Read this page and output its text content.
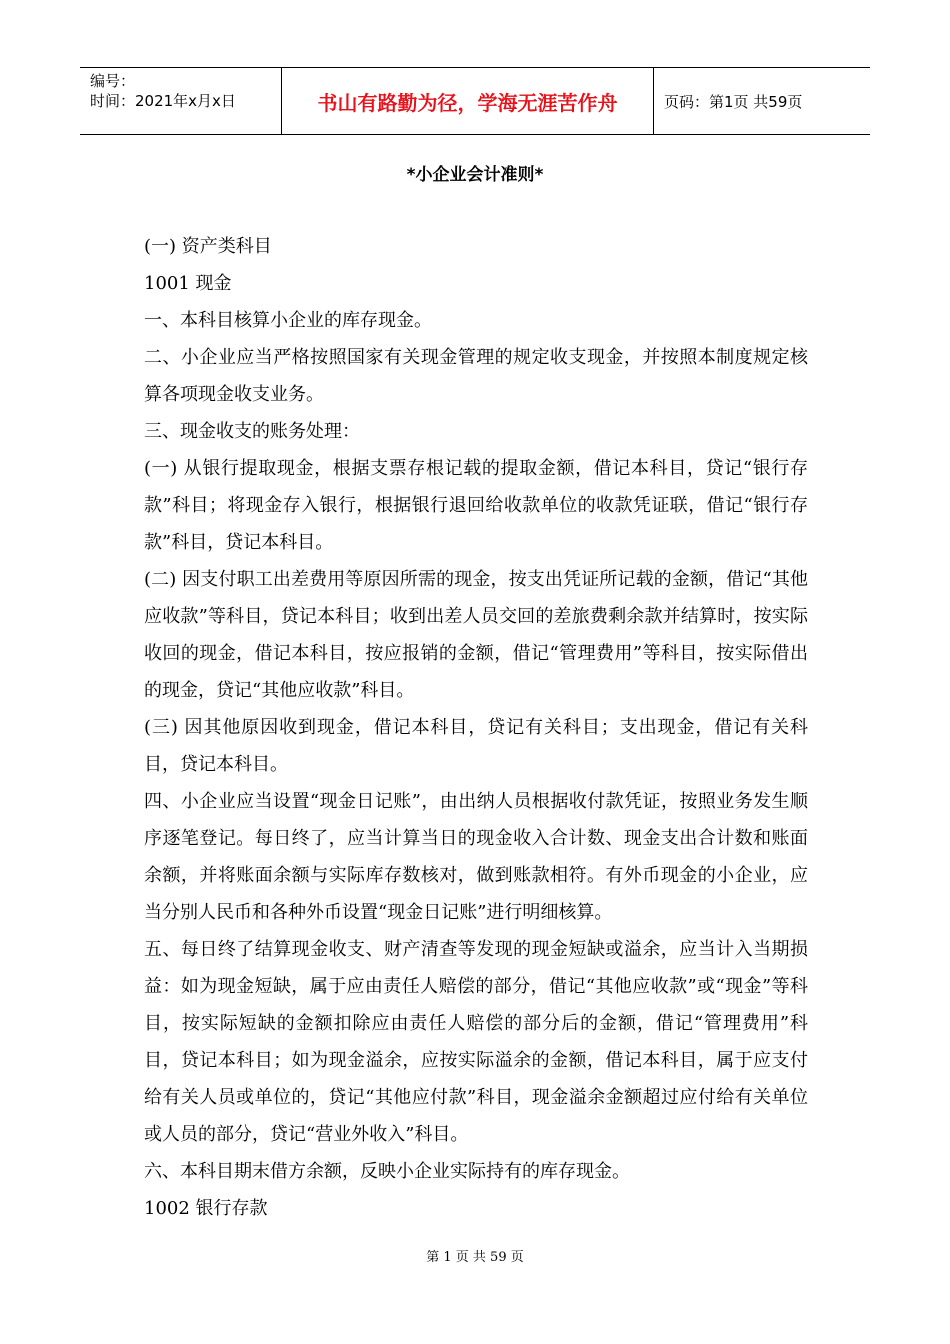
编号：
时间：2021年x月x日	书山有路勤为径，学海无涯苦作舟	页码：第1页 共59页
*小企业会计准则*

(一) 资产类科目

1001 现金

一、本科目核算小企业的库存现金。

二、小企业应当严格按照国家有关现金管理的规定收支现金，并按照本制度规定核算各项现金收支业务。

三、现金收支的账务处理：

(一) 从银行提取现金，根据支票存根记载的提取金额，借记本科目，贷记“银行存款”科目；将现金存入银行，根据银行退回给收款单位的收款凭证联，借记“银行存款”科目，贷记本科目。

(二) 因支付职工出差费用等原因所需的现金，按支出凭证所记载的金额，借记“其他应收款”等科目，贷记本科目；收到出差人员交回的差旅费剩余款并结算时，按实际收回的现金，借记本科目，按应报销的金额，借记“管理费用”等科目，按实际借出的现金，贷记“其他应收款”科目。

(三) 因其他原因收到现金，借记本科目，贷记有关科目；支出现金，借记有关科目，贷记本科目。

四、小企业应当设置“现金日记账”，由出纳人员根据收付款凭证，按照业务发生顺序逐笔登记。每日终了，应当计算当日的现金收入合计数、现金支出合计数和账面余额，并将账面余额与实际库存数核对，做到账款相符。有外币现金的小企业，应当分别人民币和各种外币设置“现金日记账”进行明细核算。

五、每日终了结算现金收支、财产清查等发现的现金短缺或溢余，应当计入当期损益：如为现金短缺，属于应由责任人赔偿的部分，借记“其他应收款”或“现金”等科目，按实际短缺的金额扣除应由责任人赔偿的部分后的金额，借记“管理费用”科目，贷记本科目；如为现金溢余，应按实际溢余的金额，借记本科目，属于应支付给有关人员或单位的，贷记“其他应付款”科目，现金溢余金额超过应付给有关单位或人员的部分，贷记“营业外收入”科目。

六、本科目期末借方余额，反映小企业实际持有的库存现金。

1002 银行存款

第 1 页 共 59 页
